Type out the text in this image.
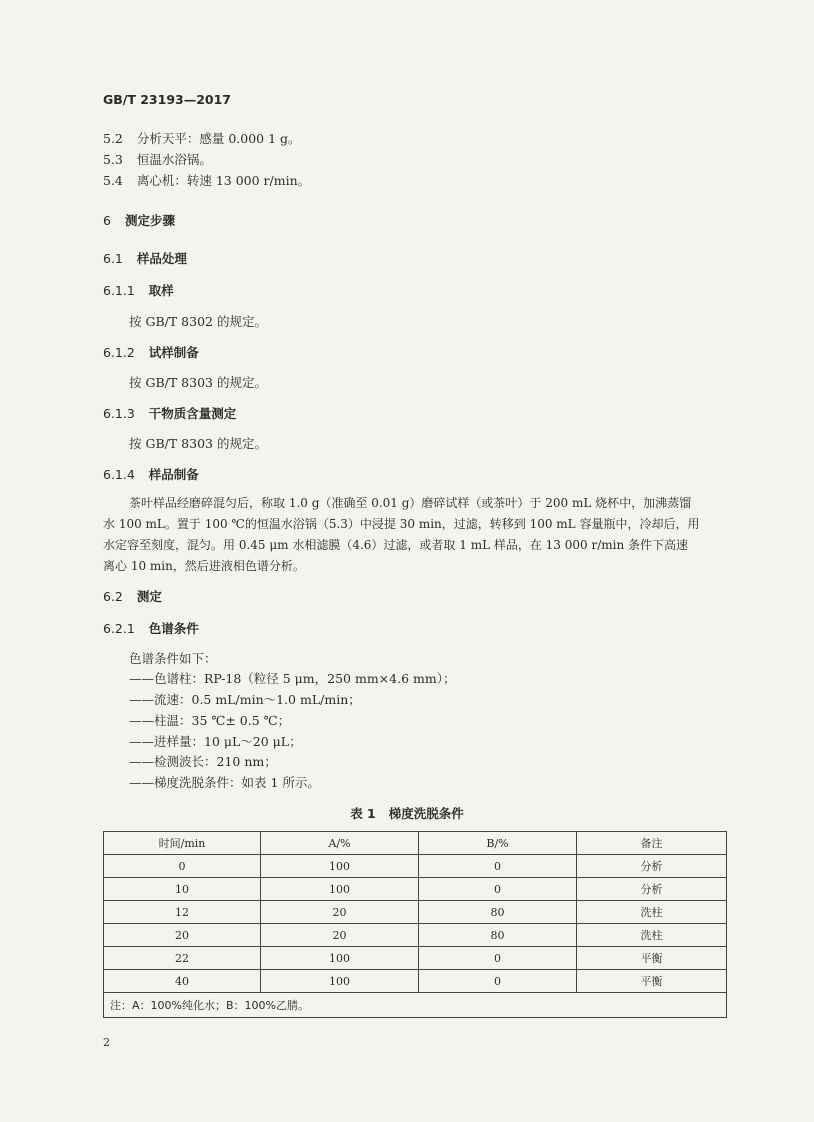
GB/T 23193—2017
5.2 分析天平：感量 0.000 1 g。
5.3 恒温水浴锅。
5.4 离心机：转速 13 000 r/min。
6 测定步骤
6.1 样品处理
6.1.1 取样
按 GB/T 8302 的规定。
6.1.2 试样制备
按 GB/T 8303 的规定。
6.1.3 干物质含量测定
按 GB/T 8303 的规定。
6.1.4 样品制备
茶叶样品经磨碎混匀后，称取 1.0 g（准确至 0.01 g）磨碎试样（或茶叶）于 200 mL 烧杯中，加沸蒸馏
水 100 mL。置于 100 ℃的恒温水浴锅（5.3）中浸提 30 min，过滤，转移到 100 mL 容量瓶中，冷却后，用
水定容至刻度，混匀。用 0.45 μm 水相滤膜（4.6）过滤，或者取 1 mL 样品，在 13 000 r/min 条件下高速
离心 10 min，然后进液相色谱分析。
6.2 测定
6.2.1 色谱条件
色谱条件如下：
——色谱柱：RP-18（粒径 5 μm，250 mm×4.6 mm）；
——流速：0.5 mL/min～1.0 mL/min；
——柱温：35 ℃± 0.5 ℃；
——进样量：10 μL～20 μL；
——检测波长：210 nm；
——梯度洗脱条件：如表 1 所示。
表 1   梯度洗脱条件
时间/min	A/%	B/%	备注
0	100	0	分析
10	100	0	分析
12	20	80	洗柱
20	20	80	洗柱
22	100	0	平衡
40	100	0	平衡
注：A：100%纯化水；B：100%乙腈。			
2
